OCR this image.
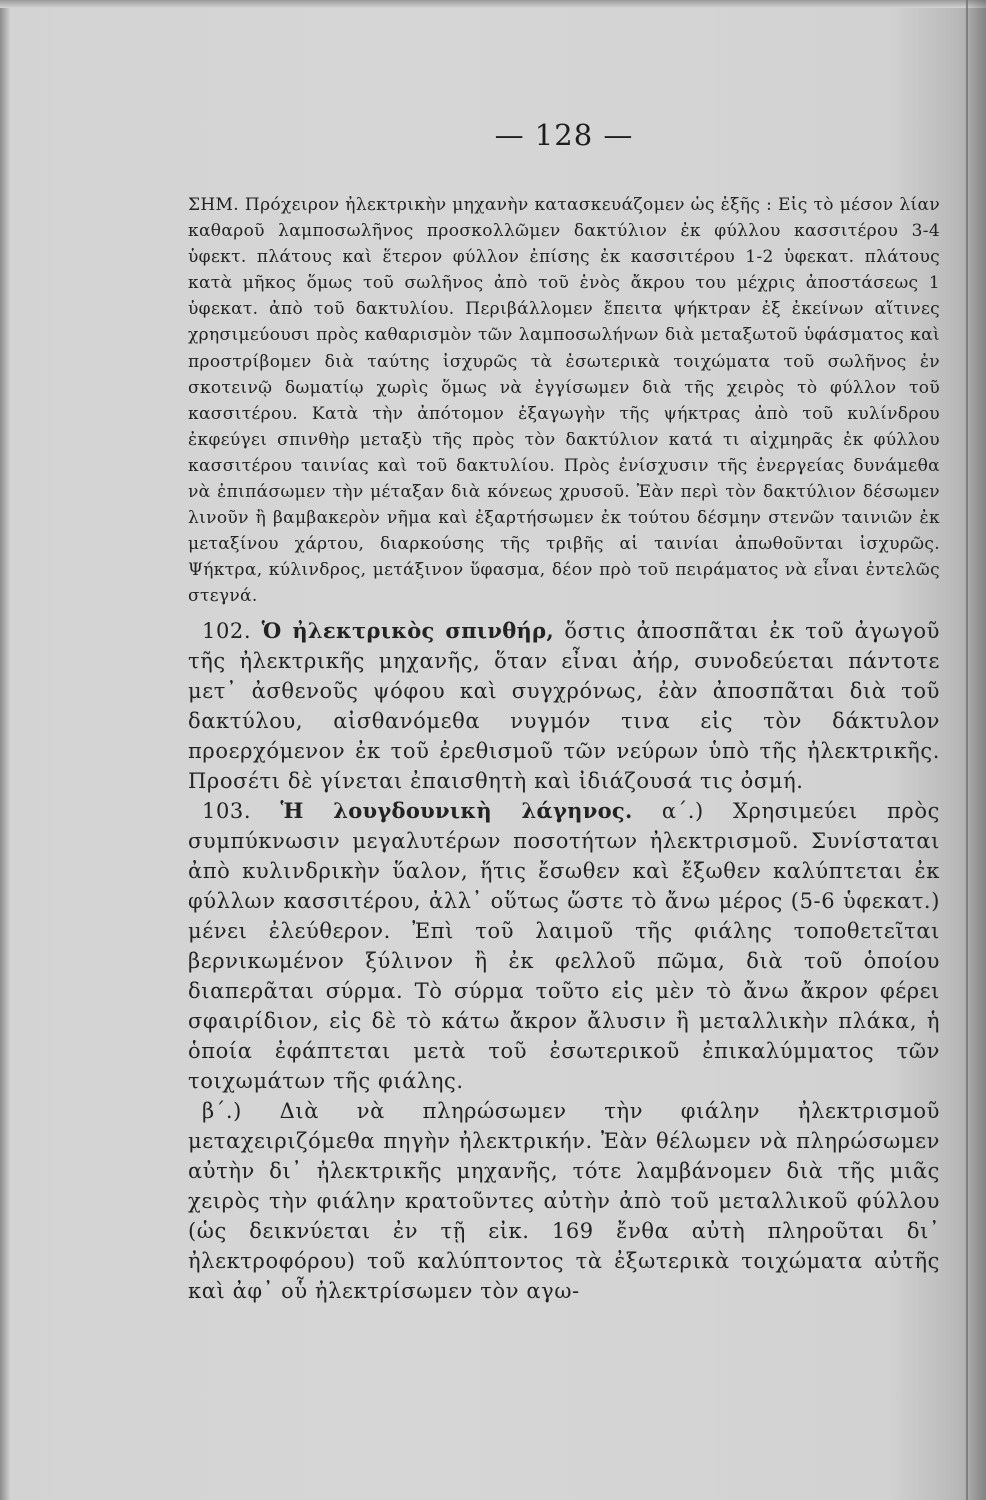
— 128 —

ΣΗΜ. Πρόχειρον ἠλεκτρικὴν μηχανὴν κατασκευάζομεν ὡς ἑξῆς : Εἰς τὸ μέσον λίαν καθαροῦ λαμποσωλῆνος προσκολλῶμεν δακτύλιον ἐκ φύλλου κασσιτέρου 3-4 ὑφεκτ. πλάτους καὶ ἕτερον φύλλον ἐπίσης ἐκ κασσιτέρου 1-2 ὑφεκατ. πλάτους κατὰ μῆκος ὅμως τοῦ σωλῆνος ἀπὸ τοῦ ἑνὸς ἄκρου του μέχρις ἀποστάσεως 1 ὑφεκατ. ἀπὸ τοῦ δακτυλίου. Περιβάλλομεν ἔπειτα ψήκτραν ἐξ ἐκείνων αἵτινες χρησιμεύουσι πρὸς καθαρισμὸν τῶν λαμποσωλήνων διὰ μεταξωτοῦ ὑφάσματος καὶ προστρίβομεν διὰ ταύτης ἰσχυρῶς τὰ ἐσωτερικὰ τοιχώματα τοῦ σωλῆνος ἐν σκοτεινῷ δωματίῳ χωρὶς ὅμως νὰ ἐγγίσωμεν διὰ τῆς χειρὸς τὸ φύλλον τοῦ κασσιτέρου. Κατὰ τὴν ἀπότομον ἐξαγωγὴν τῆς ψήκτρας ἀπὸ τοῦ κυλίνδρου ἐκφεύγει σπινθὴρ μεταξὺ τῆς πρὸς τὸν δακτύλιον κατά τι αἰχμηρᾶς ἐκ φύλλου κασσιτέρου ταινίας καὶ τοῦ δακτυλίου. Πρὸς ἐνίσχυσιν τῆς ἐνεργείας δυνάμεθα νὰ ἐπιπάσωμεν τὴν μέταξαν διὰ κόνεως χρυσοῦ. Ἐὰν περὶ τὸν δακτύλιον δέσωμεν λινοῦν ἢ βαμβακερὸν νῆμα καὶ ἐξαρτήσωμεν ἐκ τούτου δέσμην στενῶν ταινιῶν ἐκ μεταξίνου χάρτου, διαρκούσης τῆς τριβῆς αἱ ταινίαι ἀπωθοῦνται ἰσχυρῶς. Ψήκτρα, κύλινδρος, μετάξινον ὕφασμα, δέον πρὸ τοῦ πειράματος νὰ εἶναι ἐντελῶς στεγνά.

102. Ὁ ἠλεκτρικὸς σπινθήρ, ὅστις ἀποσπᾶται ἐκ τοῦ ἀγωγοῦ τῆς ἠλεκτρικῆς μηχανῆς, ὅταν εἶναι ἀήρ, συνοδεύεται πάντοτε μετ᾽ ἀσθενοῦς ψόφου καὶ συγχρόνως, ἐὰν ἀποσπᾶται διὰ τοῦ δακτύλου, αἰσθανόμεθα νυγμόν τινα εἰς τὸν δάκτυλον προερχόμενον ἐκ τοῦ ἐρεθισμοῦ τῶν νεύρων ὑπὸ τῆς ἠλεκτρικῆς. Προσέτι δὲ γίνεται ἐπαισθητὴ καὶ ἰδιάζουσά τις ὀσμή.

103. Ἡ λουγδουνικὴ λάγηνος. α΄.) Χρησιμεύει πρὸς συμπύκνωσιν μεγαλυτέρων ποσοτήτων ἠλεκτρισμοῦ. Συνίσταται ἀπὸ κυλινδρικὴν ὕαλον, ἥτις ἔσωθεν καὶ ἔξωθεν καλύπτεται ἐκ φύλλων κασσιτέρου, ἀλλ᾽ οὕτως ὥστε τὸ ἄνω μέρος (5-6 ὑφεκατ.) μένει ἐλεύθερον. Ἐπὶ τοῦ λαιμοῦ τῆς φιάλης τοποθετεῖται βερνικωμένον ξύλινον ἢ ἐκ φελλοῦ πῶμα, διὰ τοῦ ὁποίου διαπερᾶται σύρμα. Τὸ σύρμα τοῦτο εἰς μὲν τὸ ἄνω ἄκρον φέρει σφαιρίδιον, εἰς δὲ τὸ κάτω ἄκρον ἄλυσιν ἢ μεταλλικὴν πλάκα, ἡ ὁποία ἐφάπτεται μετὰ τοῦ ἐσωτερικοῦ ἐπικαλύμματος τῶν τοιχωμάτων τῆς φιάλης.

β΄.) Διὰ νὰ πληρώσωμεν τὴν φιάλην ἠλεκτρισμοῦ μεταχειριζόμεθα πηγὴν ἠλεκτρικήν. Ἐὰν θέλωμεν νὰ πληρώσωμεν αὐτὴν δι᾽ ἠλεκτρικῆς μηχανῆς, τότε λαμβάνομεν διὰ τῆς μιᾶς χειρὸς τὴν φιάλην κρατοῦντες αὐτὴν ἀπὸ τοῦ μεταλλικοῦ φύλλου (ὡς δεικνύεται ἐν τῇ εἰκ. 169 ἔνθα αὐτὴ πληροῦται δι᾽ ἠλεκτροφόρου) τοῦ καλύπτοντος τὰ ἐξωτερικὰ τοιχώματα αὐτῆς καὶ ἀφ᾽ οὗ ἠλεκτρίσωμεν τὸν αγω-
